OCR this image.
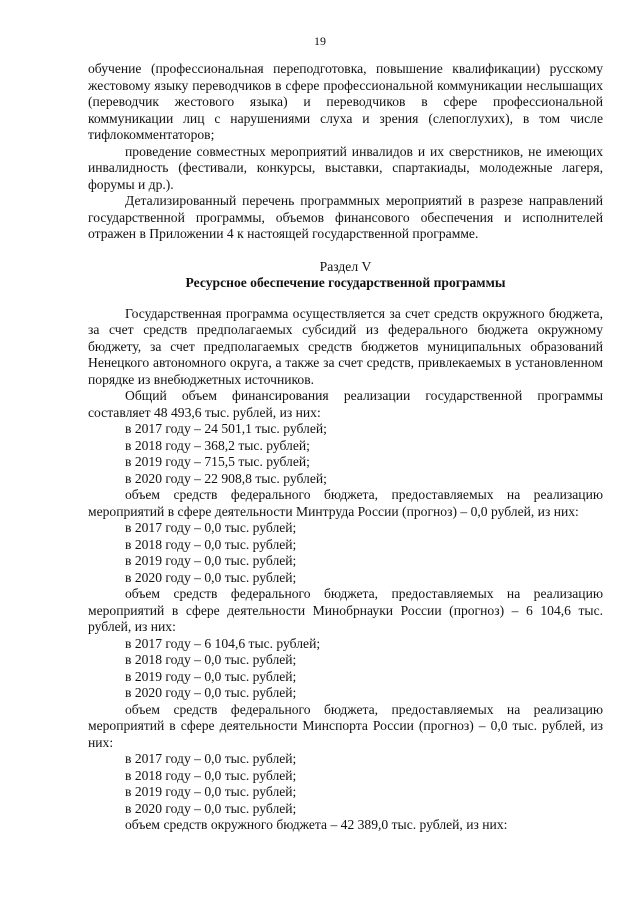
19

обучение (профессиональная переподготовка, повышение квалификации) русскому жестовому языку переводчиков в сфере профессиональной коммуникации неслышащих (переводчик жестового языка) и переводчиков в сфере профессиональной коммуникации лиц с нарушениями слуха и зрения (слепоглухих), в том числе тифлокомментаторов;

проведение совместных мероприятий инвалидов и их сверстников, не имеющих инвалидность (фестивали, конкурсы, выставки, спартакиады, молодежные лагеря, форумы и др.).

Детализированный перечень программных мероприятий в разрезе направлений государственной программы, объемов финансового обеспечения и исполнителей отражен в Приложении 4 к настоящей государственной программе.

Раздел V

Ресурсное обеспечение государственной программы

Государственная программа осуществляется за счет средств окружного бюджета, за счет средств предполагаемых субсидий из федерального бюджета окружному бюджету, за счет предполагаемых средств бюджетов муниципальных образований Ненецкого автономного округа, а также за счет средств, привлекаемых в установленном порядке из внебюджетных источников.

Общий объем финансирования реализации государственной программы составляет 48 493,6 тыс. рублей, из них:

в 2017 году – 24 501,1 тыс. рублей;

в 2018 году – 368,2 тыс. рублей;

в 2019 году – 715,5 тыс. рублей;

в 2020 году – 22 908,8 тыс. рублей;

объем средств федерального бюджета, предоставляемых на реализацию мероприятий в сфере деятельности Минтруда России (прогноз) – 0,0 рублей, из них:

в 2017 году – 0,0 тыс. рублей;

в 2018 году – 0,0 тыс. рублей;

в 2019 году – 0,0 тыс. рублей;

в 2020 году – 0,0 тыс. рублей;

объем средств федерального бюджета, предоставляемых на реализацию мероприятий в сфере деятельности Минобрнауки России (прогноз) – 6 104,6 тыс. рублей, из них:

в 2017 году – 6 104,6 тыс. рублей;

в 2018 году – 0,0 тыс. рублей;

в 2019 году – 0,0 тыс. рублей;

в 2020 году – 0,0 тыс. рублей;

объем средств федерального бюджета, предоставляемых на реализацию мероприятий в сфере деятельности Минспорта России (прогноз) – 0,0 тыс. рублей, из них:

в 2017 году – 0,0 тыс. рублей;

в 2018 году – 0,0 тыс. рублей;

в 2019 году – 0,0 тыс. рублей;

в 2020 году – 0,0 тыс. рублей;

объем средств окружного бюджета – 42 389,0 тыс. рублей, из них:
